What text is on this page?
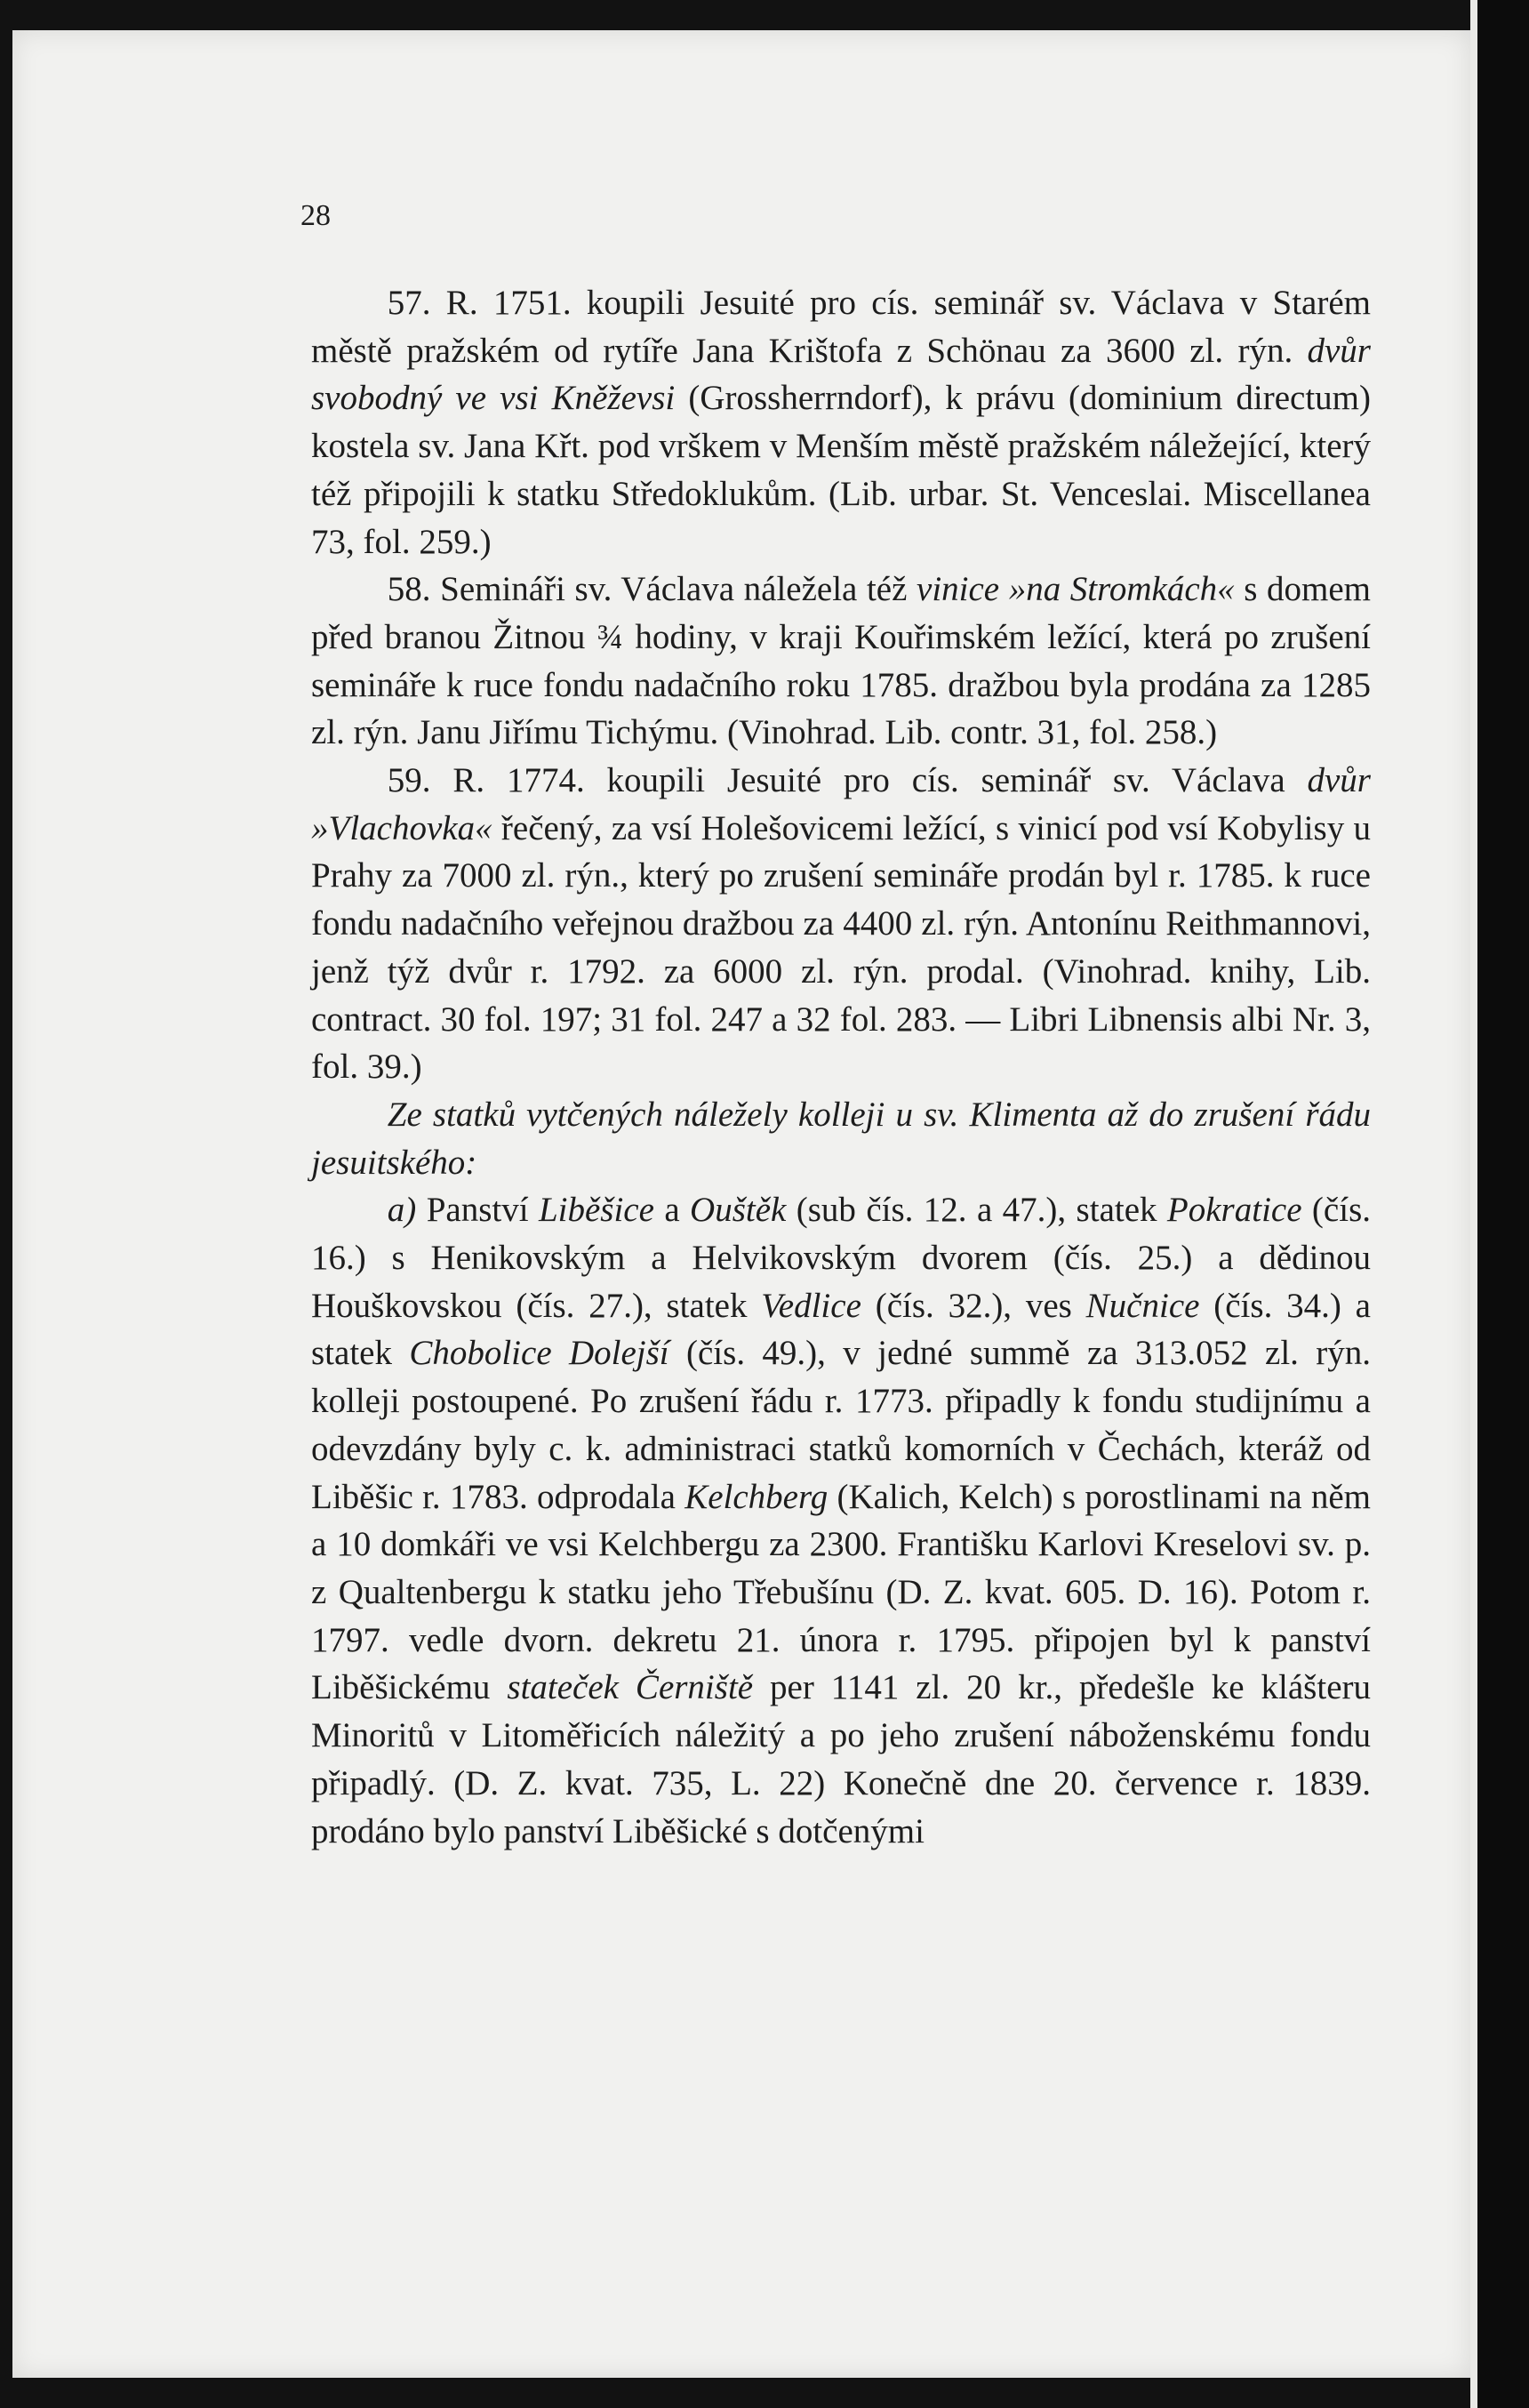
28

57. R. 1751. koupili Jesuité pro cís. seminář sv. Václava v Starém městě pražském od rytíře Jana Krištofa z Schönau za 3600 zl. rýn. dvůr svobodný ve vsi Kněževsi (Grossherrndorf), k právu (dominium directum) kostela sv. Jana Křt. pod vrškem v Menším městě pražském náležející, který též připojili k statku Středoklukům. (Lib. urbar. St. Venceslai. Miscellanea 73, fol. 259.)

58. Semináři sv. Václava náležela též vinice »na Stromkách« s domem před branou Žitnou ¾ hodiny, v kraji Kouřimském ležící, která po zrušení semináře k ruce fondu nadačního roku 1785. dražbou byla prodána za 1285 zl. rýn. Janu Jiřímu Tichýmu. (Vinohrad. Lib. contr. 31, fol. 258.)

59. R. 1774. koupili Jesuité pro cís. seminář sv. Václava dvůr »Vlachovka« řečený, za vsí Holešovicemi ležící, s vinicí pod vsí Kobylisy u Prahy za 7000 zl. rýn., který po zrušení semináře prodán byl r. 1785. k ruce fondu nadačního veřejnou dražbou za 4400 zl. rýn. Antonínu Reithmannovi, jenž týž dvůr r. 1792. za 6000 zl. rýn. prodal. (Vinohrad. knihy, Lib. contract. 30 fol. 197; 31 fol. 247 a 32 fol. 283. — Libri Libnensis albi Nr. 3, fol. 39.)

Ze statků vytčených náležely kolleji u sv. Klimenta až do zrušení řádu jesuitského:

a) Panství Liběšice a Ouštěk (sub čís. 12. a 47.), statek Pokratice (čís. 16.) s Henikovským a Helvikovským dvorem (čís. 25.) a dědinou Houškovskou (čís. 27.), statek Vedlice (čís. 32.), ves Nučnice (čís. 34.) a statek Chobolice Dolejší (čís. 49.), v jedné summě za 313.052 zl. rýn. kolleji postoupené. Po zrušení řádu r. 1773. připadly k fondu studijnímu a odevzdány byly c. k. administraci statků komorních v Čechách, kteráž od Liběšic r. 1783. odprodala Kelchberg (Kalich, Kelch) s porostlinami na něm a 10 domkáři ve vsi Kelchbergu za 2300. Františku Karlovi Kreselovi sv. p. z Qualtenbergu k statku jeho Třebušínu (D. Z. kvat. 605. D. 16). Potom r. 1797. vedle dvorn. dekretu 21. února r. 1795. připojen byl k panství Liběšickému stateček Černiště per 1141 zl. 20 kr., předešle ke klášteru Minoritů v Litoměřicích náležitý a po jeho zrušení náboženskému fondu připadlý. (D. Z. kvat. 735, L. 22) Konečně dne 20. července r. 1839. prodáno bylo panství Liběšické s dotčenými
